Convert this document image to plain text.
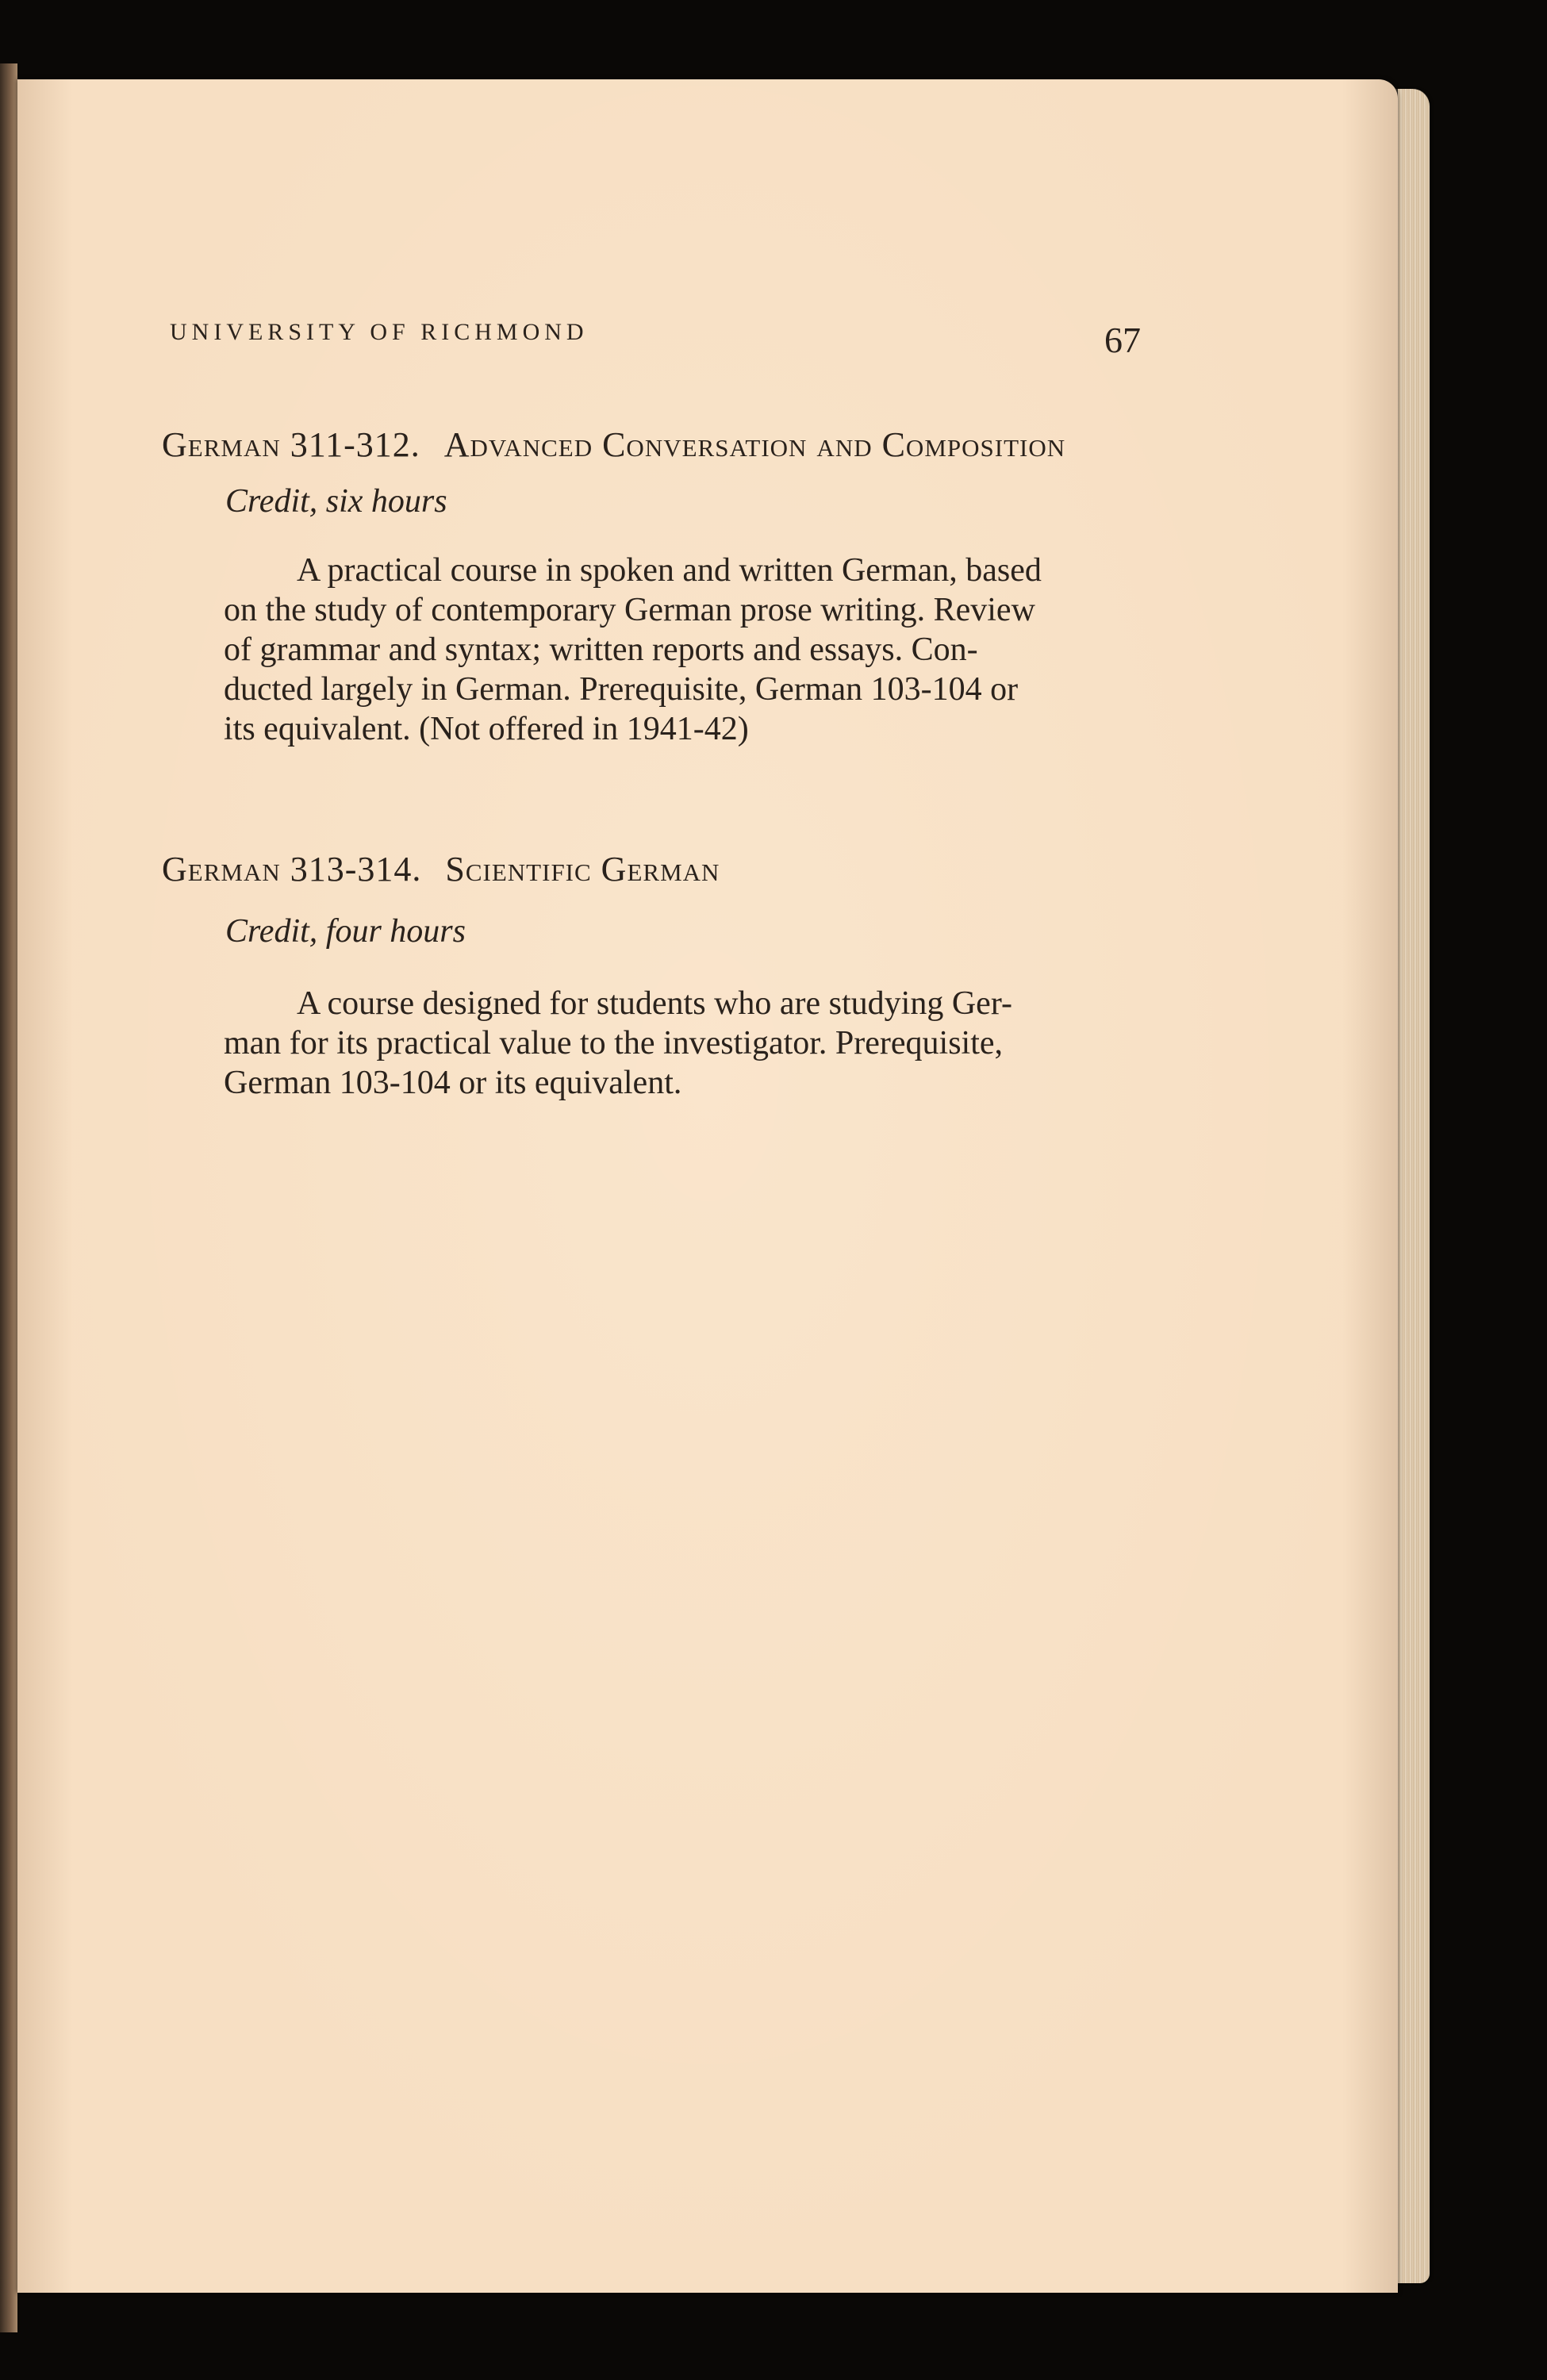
UNIVERSITY OF RICHMOND	67
German 311-312. Advanced Conversation and Composition
Credit, six hours
A practical course in spoken and written German, based
on the study of contemporary German prose writing. Review
of grammar and syntax; written reports and essays. Con-
ducted largely in German. Prerequisite, German 103-104 or
its equivalent. (Not offered in 1941-42)
German 313-314. Scientific German
Credit, four hours
A course designed for students who are studying Ger-
man for its practical value to the investigator. Prerequisite,
German 103-104 or its equivalent.
